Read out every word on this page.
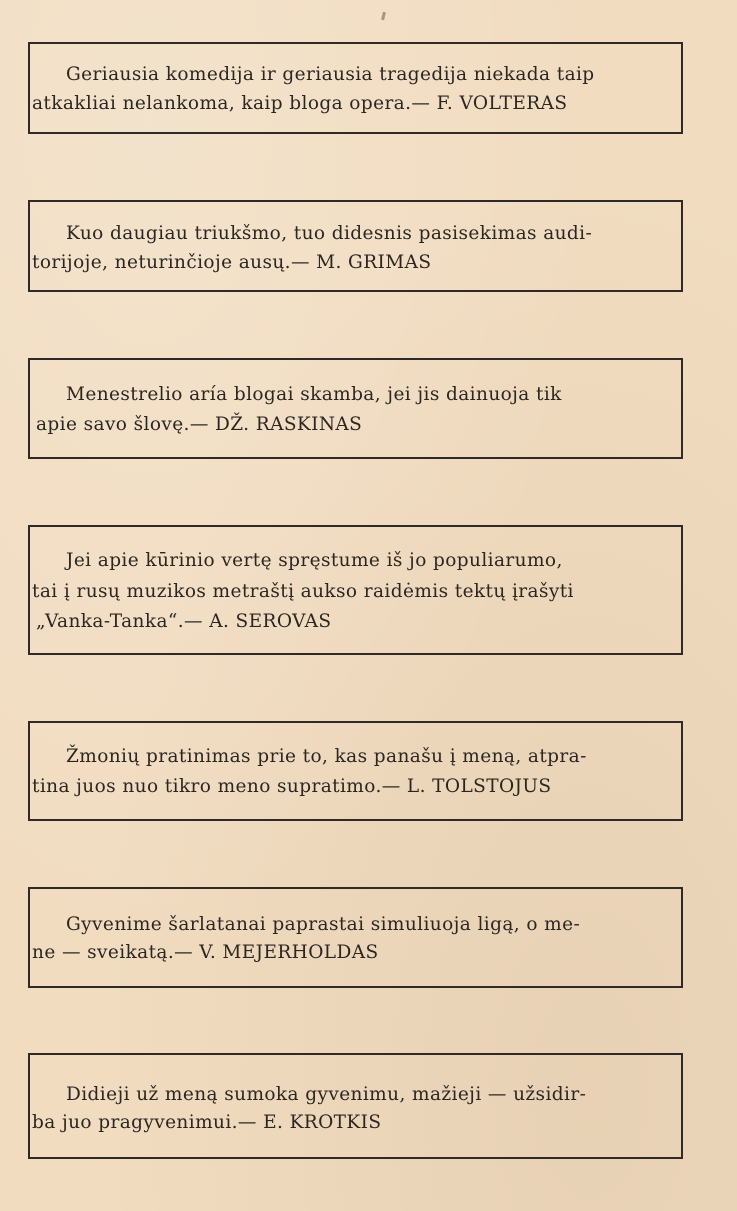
Geriausia komedija ir geriausia tragedija niekada taip
atkakliai nelankoma, kaip bloga opera.— F. VOLTERAS
Kuo daugiau triukšmo, tuo didesnis pasisekimas audi-
torijoje, neturinčioje ausų.— M. GRIMAS
Menestrelio aría blogai skamba, jei jis dainuoja tik
apie savo šlovę.— DŽ. RASKINAS
Jei apie kūrinio vertę spręstume iš jo populiarumo,
tai į rusų muzikos metraštį aukso raidėmis tektų įrašyti
„Vanka-Tanka“.— A. SEROVAS
Žmonių pratinimas prie to, kas panašu į meną, atpra-
tina juos nuo tikro meno supratimo.— L. TOLSTOJUS
Gyvenime šarlatanai paprastai simuliuoja ligą, o me-
ne — sveikatą.— V. MEJERHOLDAS
Didieji už meną sumoka gyvenimu, mažieji — užsidir-
ba juo pragyvenimui.— E. KROTKIS
